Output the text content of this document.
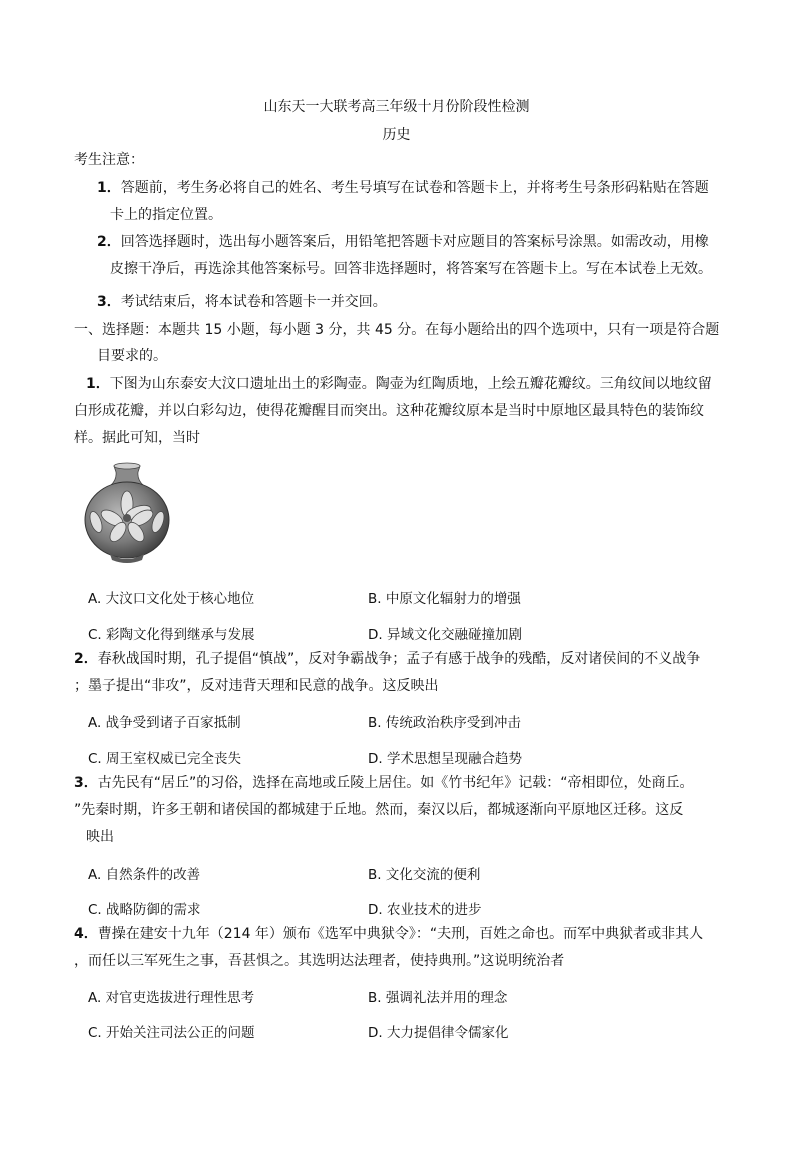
山东天一大联考高三年级十月份阶段性检测
历史
考生注意：
1．答题前，考生务必将自己的姓名、考生号填写在试卷和答题卡上，并将考生号条形码粘贴在答题
卡上的指定位置。
2．回答选择题时，选出每小题答案后，用铅笔把答题卡对应题目的答案标号涂黑。如需改动，用橡
皮擦干净后，再选涂其他答案标号。回答非选择题时，将答案写在答题卡上。写在本试卷上无效。
3．考试结束后，将本试卷和答题卡一并交回。
一、选择题：本题共 15 小题，每小题 3 分，共 45 分。在每小题给出的四个选项中，只有一项是符合题
目要求的。
1．下图为山东泰安大汶口遗址出土的彩陶壶。陶壶为红陶质地，上绘五瓣花瓣纹。三角纹间以地纹留
白形成花瓣，并以白彩勾边，使得花瓣醒目而突出。这种花瓣纹原本是当时中原地区最具特色的装饰纹
样。据此可知，当时
A. 大汶口文化处于核心地位	B. 中原文化辐射力的增强
C. 彩陶文化得到继承与发展	D. 异域文化交融碰撞加剧
2．春秋战国时期，孔子提倡“慎战”，反对争霸战争；孟子有感于战争的残酷，反对诸侯间的不义战争
；墨子提出“非攻”，反对违背天理和民意的战争。这反映出
A. 战争受到诸子百家抵制	B. 传统政治秩序受到冲击
C. 周王室权威已完全丧失	D. 学术思想呈现融合趋势
3．古先民有“居丘”的习俗，选择在高地或丘陵上居住。如《竹书纪年》记载：“帝相即位，处商丘。
”先秦时期，许多王朝和诸侯国的都城建于丘地。然而，秦汉以后，都城逐渐向平原地区迁移。这反
映出
A. 自然条件的改善	B. 文化交流的便利
C. 战略防御的需求	D. 农业技术的进步
4．曹操在建安十九年（214 年）颁布《选军中典狱令》：“夫刑，百姓之命也。而军中典狱者或非其人
，而任以三军死生之事，吾甚惧之。其选明达法理者，使持典刑。”这说明统治者
A. 对官吏选拔进行理性思考	B. 强调礼法并用的理念
C. 开始关注司法公正的问题	D. 大力提倡律令儒家化
